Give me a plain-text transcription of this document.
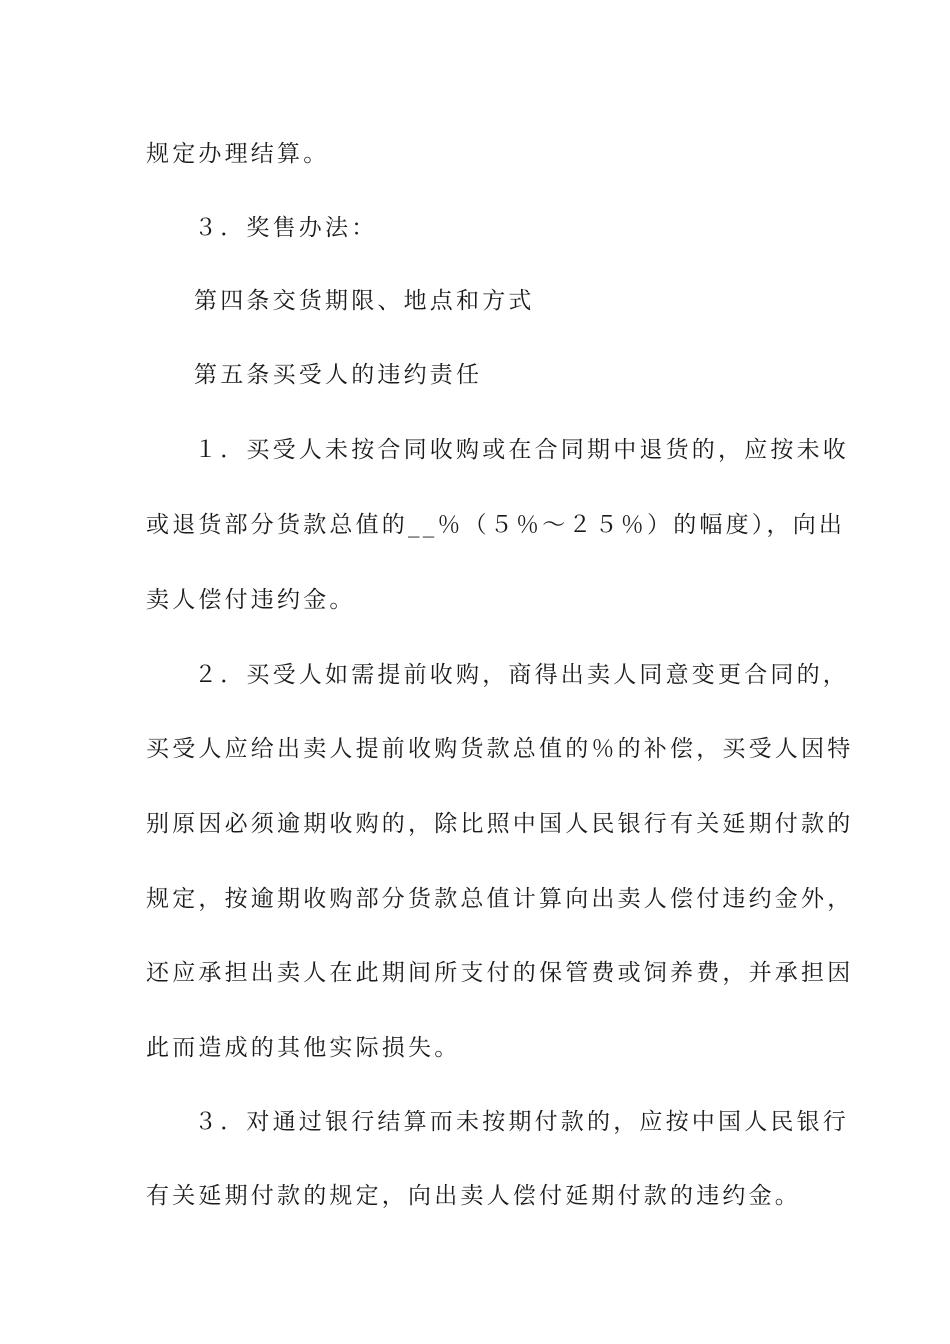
规定办理结算。
３．奖售办法：
第四条交货期限、地点和方式
第五条买受人的违约责任
１．买受人未按合同收购或在合同期中退货的，应按未收
或退货部分货款总值的__％（５％～２５％）的幅度），向出
卖人偿付违约金。
２．买受人如需提前收购，商得出卖人同意变更合同的，
买受人应给出卖人提前收购货款总值的％的补偿，买受人因特
别原因必须逾期收购的，除比照中国人民银行有关延期付款的
规定，按逾期收购部分货款总值计算向出卖人偿付违约金外，
还应承担出卖人在此期间所支付的保管费或饲养费，并承担因
此而造成的其他实际损失。
３．对通过银行结算而未按期付款的，应按中国人民银行
有关延期付款的规定，向出卖人偿付延期付款的违约金。
